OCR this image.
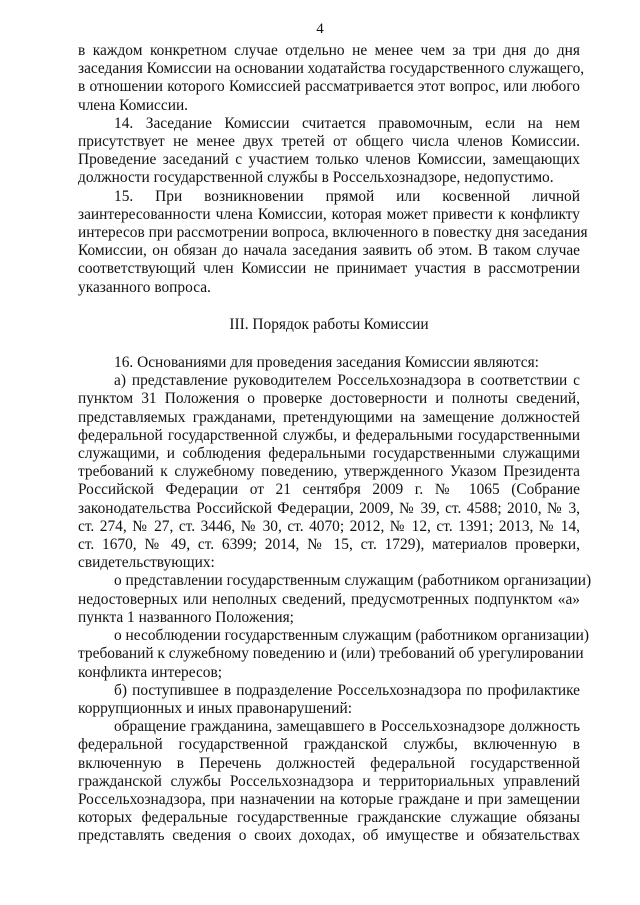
4

в каждом конкретном случае отдельно не менее чем за три дня до дня
заседания Комиссии на основании ходатайства государственного служащего,
в отношении которого Комиссией рассматривается этот вопрос, или любого
члена Комиссии.

14. Заседание Комиссии считается правомочным, если на нем
присутствует не менее двух третей от общего числа членов Комиссии.
Проведение заседаний с участием только членов Комиссии, замещающих
должности государственной службы в Россельхознадзоре, недопустимо.

15. При возникновении прямой или косвенной личной
заинтересованности члена Комиссии, которая может привести к конфликту
интересов при рассмотрении вопроса, включенного в повестку дня заседания
Комиссии, он обязан до начала заседания заявить об этом. В таком случае
соответствующий член Комиссии не принимает участия в рассмотрении
указанного вопроса.

III. Порядок работы Комиссии

16. Основаниями для проведения заседания Комиссии являются:

а) представление руководителем Россельхознадзора в соответствии с
пунктом 31 Положения о проверке достоверности и полноты сведений,
представляемых гражданами, претендующими на замещение должностей
федеральной государственной службы, и федеральными государственными
служащими, и соблюдения федеральными государственными служащими
требований к служебному поведению, утвержденного Указом Президента
Российской Федерации от 21 сентября 2009 г. № 1065 (Собрание
законодательства Российской Федерации, 2009, № 39, ст. 4588; 2010, № 3,
ст. 274, № 27, ст. 3446, № 30, ст. 4070; 2012, № 12, ст. 1391; 2013, № 14,
ст. 1670, № 49, ст. 6399; 2014, № 15, ст. 1729), материалов проверки,
свидетельствующих:

о представлении государственным служащим (работником организации)
недостоверных или неполных сведений, предусмотренных подпунктом «а»
пункта 1 названного Положения;

о несоблюдении государственным служащим (работником организации)
требований к служебному поведению и (или) требований об урегулировании
конфликта интересов;

б) поступившее в подразделение Россельхознадзора по профилактике
коррупционных и иных правонарушений:

обращение гражданина, замещавшего в Россельхознадзоре должность
федеральной государственной гражданской службы, включенную в
включенную в Перечень должностей федеральной государственной
гражданской службы Россельхознадзора и территориальных управлений
Россельхознадзора, при назначении на которые граждане и при замещении
которых федеральные государственные гражданские служащие обязаны
представлять сведения о своих доходах, об имуществе и обязательствах
